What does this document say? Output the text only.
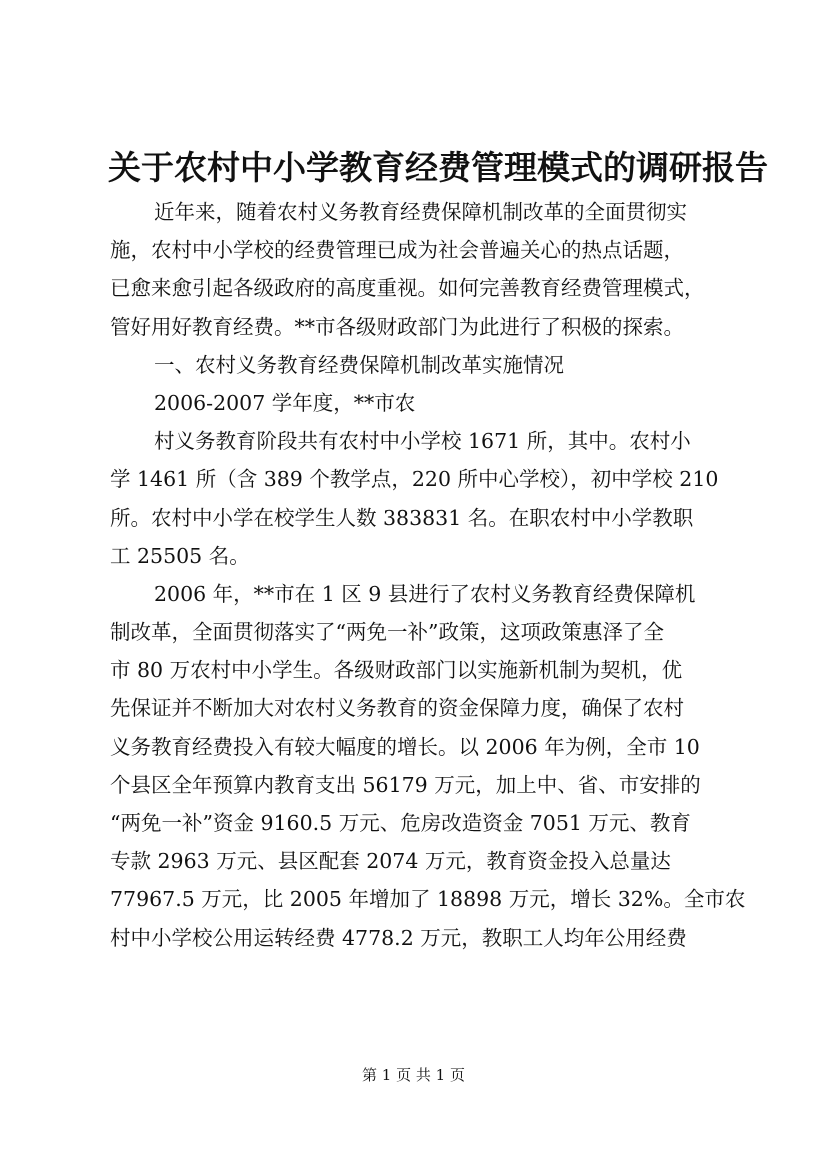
关于农村中小学教育经费管理模式的调研报告
近年来，随着农村义务教育经费保障机制改革的全面贯彻实
施，农村中小学校的经费管理已成为社会普遍关心的热点话题，
已愈来愈引起各级政府的高度重视。如何完善教育经费管理模式，
管好用好教育经费。**市各级财政部门为此进行了积极的探索。
一、农村义务教育经费保障机制改革实施情况
2006-2007 学年度，**市农
村义务教育阶段共有农村中小学校 1671 所，其中。农村小
学 1461 所（含 389 个教学点，220 所中心学校），初中学校 210
所。农村中小学在校学生人数 383831 名。在职农村中小学教职
工 25505 名。
2006 年，**市在 1 区 9 县进行了农村义务教育经费保障机
制改革，全面贯彻落实了“两免一补”政策，这项政策惠泽了全
市 80 万农村中小学生。各级财政部门以实施新机制为契机，优
先保证并不断加大对农村义务教育的资金保障力度，确保了农村
义务教育经费投入有较大幅度的增长。以 2006 年为例，全市 10
个县区全年预算内教育支出 56179 万元，加上中、省、市安排的
“两免一补”资金 9160.5 万元、危房改造资金 7051 万元、教育
专款 2963 万元、县区配套 2074 万元，教育资金投入总量达
77967.5 万元，比 2005 年增加了 18898 万元，增长 32%。全市农
村中小学校公用运转经费 4778.2 万元，教职工人均年公用经费
第 1 页 共 1 页
